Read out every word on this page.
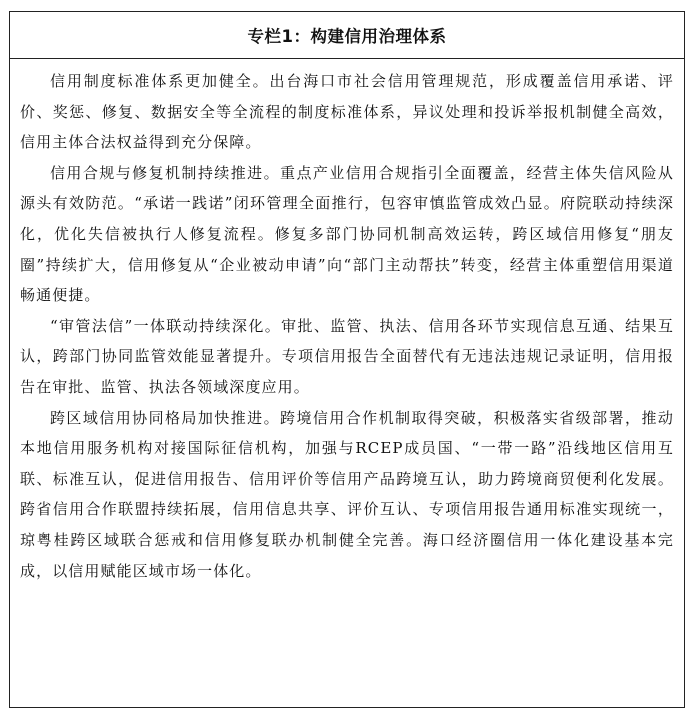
专栏1：构建信用治理体系

信用制度标准体系更加健全。出台海口市社会信用管理规范，形成覆盖信用承诺、评价、奖惩、修复、数据安全等全流程的制度标准体系，异议处理和投诉举报机制健全高效，信用主体合法权益得到充分保障。

信用合规与修复机制持续推进。重点产业信用合规指引全面覆盖，经营主体失信风险从源头有效防范。“承诺一践诺”闭环管理全面推行，包容审慎监管成效凸显。府院联动持续深化，优化失信被执行人修复流程。修复多部门协同机制高效运转，跨区域信用修复“朋友圈”持续扩大，信用修复从“企业被动申请”向“部门主动帮扶”转变，经营主体重塑信用渠道畅通便捷。

“审管法信”一体联动持续深化。审批、监管、执法、信用各环节实现信息互通、结果互认，跨部门协同监管效能显著提升。专项信用报告全面替代有无违法违规记录证明，信用报告在审批、监管、执法各领域深度应用。

跨区域信用协同格局加快推进。跨境信用合作机制取得突破，积极落实省级部署，推动本地信用服务机构对接国际征信机构，加强与RCEP成员国、“一带一路”沿线地区信用互联、标准互认，促进信用报告、信用评价等信用产品跨境互认，助力跨境商贸便利化发展。跨省信用合作联盟持续拓展，信用信息共享、评价互认、专项信用报告通用标准实现统一，琼粤桂跨区域联合惩戒和信用修复联办机制健全完善。海口经济圈信用一体化建设基本完成，以信用赋能区域市场一体化。
